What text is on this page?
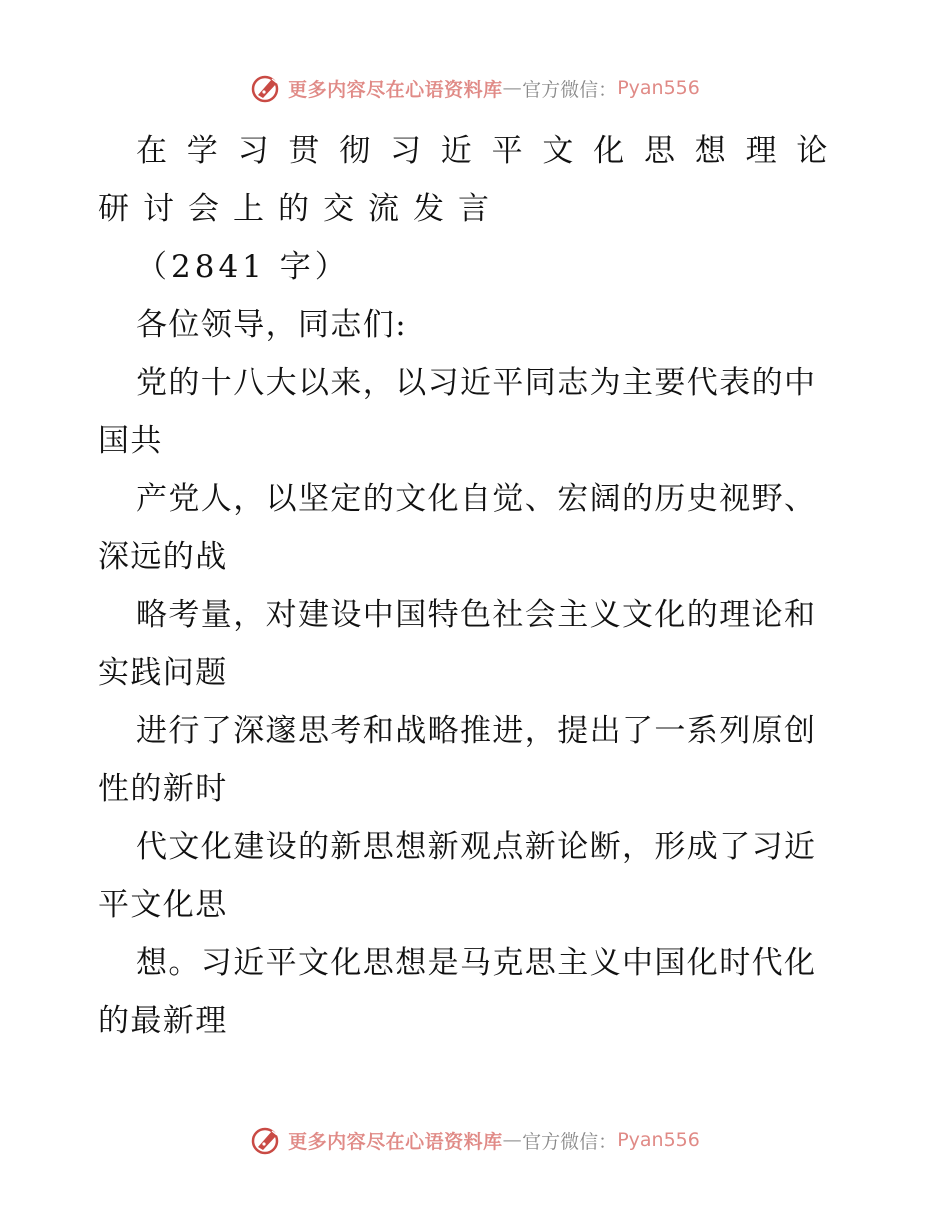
更多内容尽在心语资料库 — 官方微信： Pyan556
在学习贯彻习近平文化思想理论
研讨会上的交流发言
（2841 字）
各位领导，同志们:
党的十八大以来，以习近平同志为主要代表的中
国共
产党人，以坚定的文化自觉、宏阔的历史视野、
深远的战
略考量，对建设中国特色社会主义文化的理论和
实践问题
进行了深邃思考和战略推进，提出了一系列原创
性的新时
代文化建设的新思想新观点新论断，形成了习近
平文化思
想。习近平文化思想是马克思主义中国化时代化
的最新理
更多内容尽在心语资料库 — 官方微信： Pyan556
